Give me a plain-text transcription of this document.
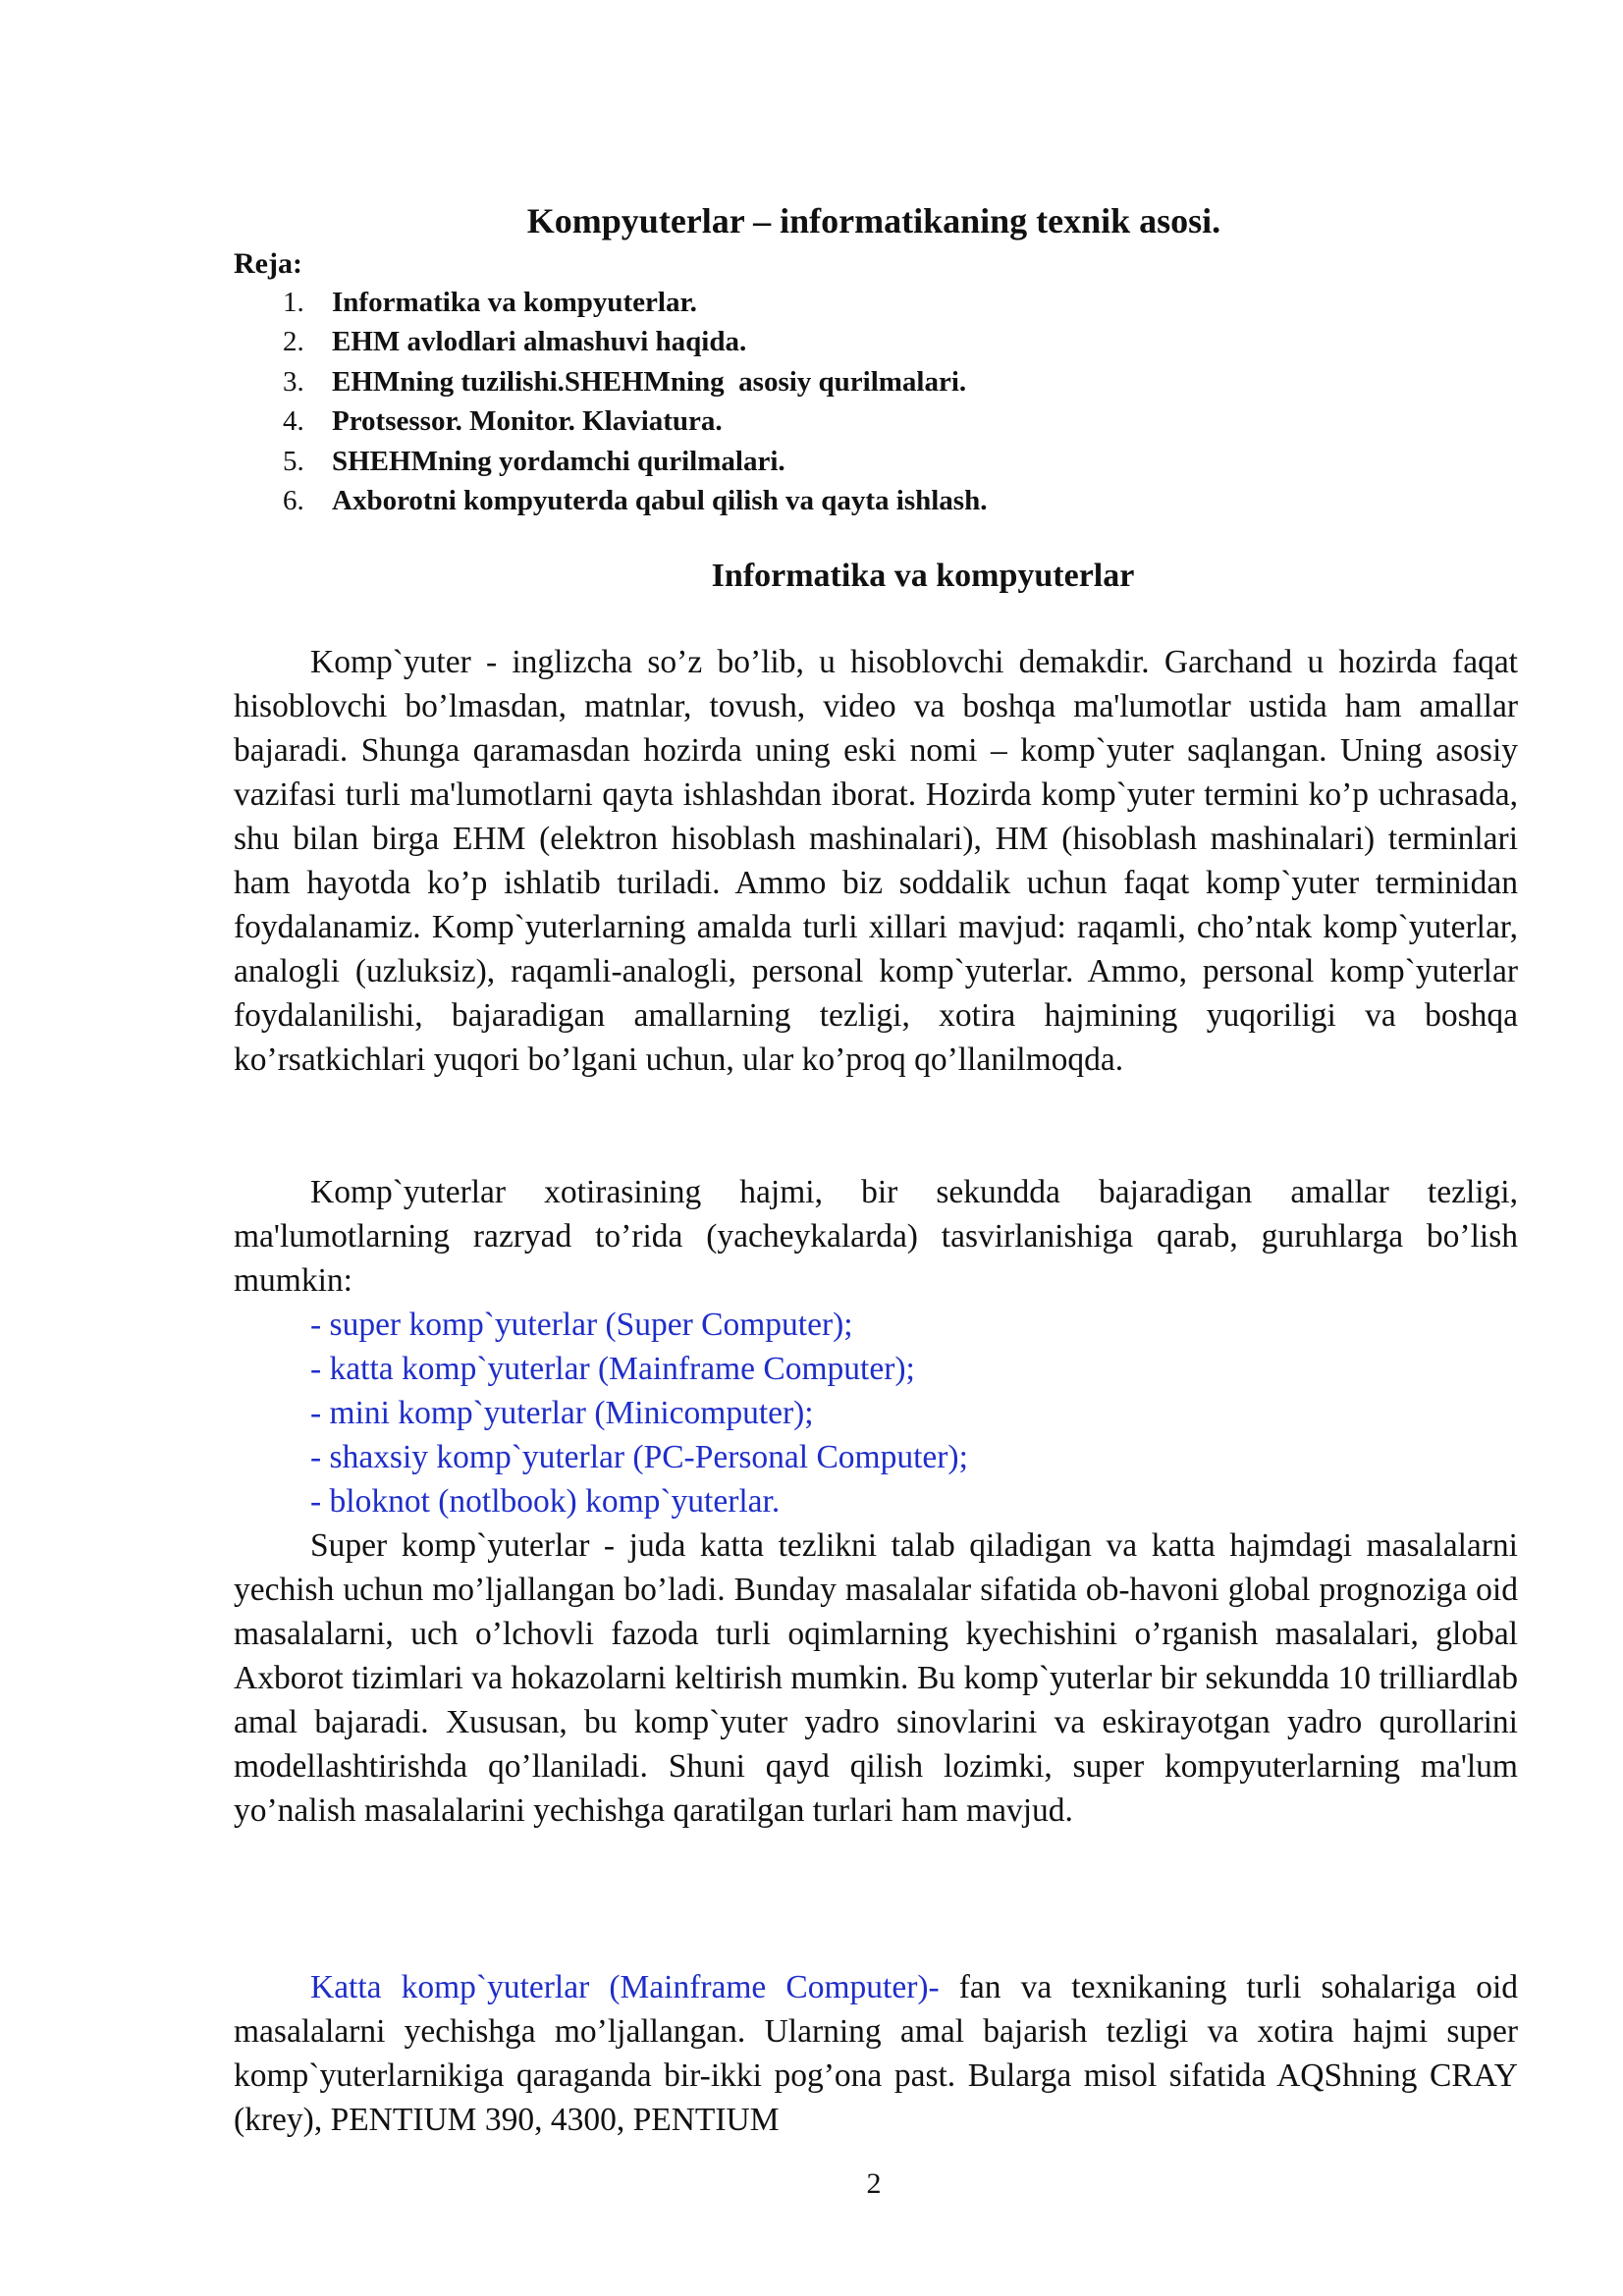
Kompyuterlar – informatikaning texnik asosi.
Reja:
1. Informatika va kompyuterlar.
2. EHM avlodlari almashuvi haqida.
3. EHMning tuzilishi.SHEHMning  asosiy qurilmalari.
4. Protsessor. Monitor. Klaviatura.
5. SHEHMning yordamchi qurilmalari.
6. Axborotni kompyuterda qabul qilish va qayta ishlash.
Informatika va kompyuterlar

Komp`yuter - inglizcha so’z bo’lib, u hisoblovchi demakdir. Garchand u hozirda faqat hisoblovchi bo’lmasdan, matnlar, tovush, video va boshqa ma'lumotlar ustida ham amallar bajaradi. Shunga qaramasdan hozirda uning eski nomi – komp`yuter saqlangan. Uning asosiy vazifasi turli ma'lumotlarni qayta ishlashdan iborat. Hozirda komp`yuter termini ko’p uchrasada, shu bilan birga EHM (elektron hisoblash mashinalari), HM (hisoblash mashinalari) terminlari ham hayotda ko’p ishlatib turiladi. Ammo biz soddalik uchun faqat komp`yuter terminidan foydalanamiz. Komp`yuterlarning amalda turli xillari mavjud: raqamli, cho’ntak komp`yuterlar, analogli (uzluksiz), raqamli-analogli, personal komp`yuterlar. Ammo, personal komp`yuterlar foydalanilishi, bajaradigan amallarning tezligi, xotira hajmining yuqoriligi va boshqa ko’rsatkichlari yuqori bo’lgani uchun, ular ko’proq qo’llanilmoqda.

Komp`yuterlar xotirasining hajmi, bir sekundda bajaradigan amallar tezligi, ma'lumotlarning razryad to’rida (yacheykalarda) tasvirlanishiga qarab, guruhlarga bo’lish mumkin:

- super komp`yuterlar (Super Computer);
- katta komp`yuterlar (Mainframe Computer);
- mini komp`yuterlar (Minicomputer);
- shaxsiy komp`yuterlar (PC-Personal Computer);
- bloknot (notlbook) komp`yuterlar.

Super komp`yuterlar - juda katta tezlikni talab qiladigan va katta hajmdagi masalalarni yechish uchun mo’ljallangan bo’ladi. Bunday masalalar sifatida ob-havoni global prognoziga oid masalalarni, uch o’lchovli fazoda turli oqimlarning kyechishini o’rganish masalalari, global Axborot tizimlari va hokazolarni keltirish mumkin. Bu komp`yuterlar bir sekundda 10 trilliardlab amal bajaradi. Xususan, bu komp`yuter yadro sinovlarini va eskirayotgan yadro qurollarini modellashtirishda qo’llaniladi. Shuni qayd qilish lozimki, super kompyuterlarning ma'lum yo’nalish masalalarini yechishga qaratilgan turlari ham mavjud.

Katta komp`yuterlar (Mainframe Computer)- fan va texnikaning turli sohalariga oid masalalarni yechishga mo’ljallangan. Ularning amal bajarish tezligi va xotira hajmi super komp`yuterlarnikiga qaraganda bir-ikki pog’ona past. Bularga misol sifatida AQShning CRAY (krey), PENTIUM 390, 4300, PENTIUM

2
